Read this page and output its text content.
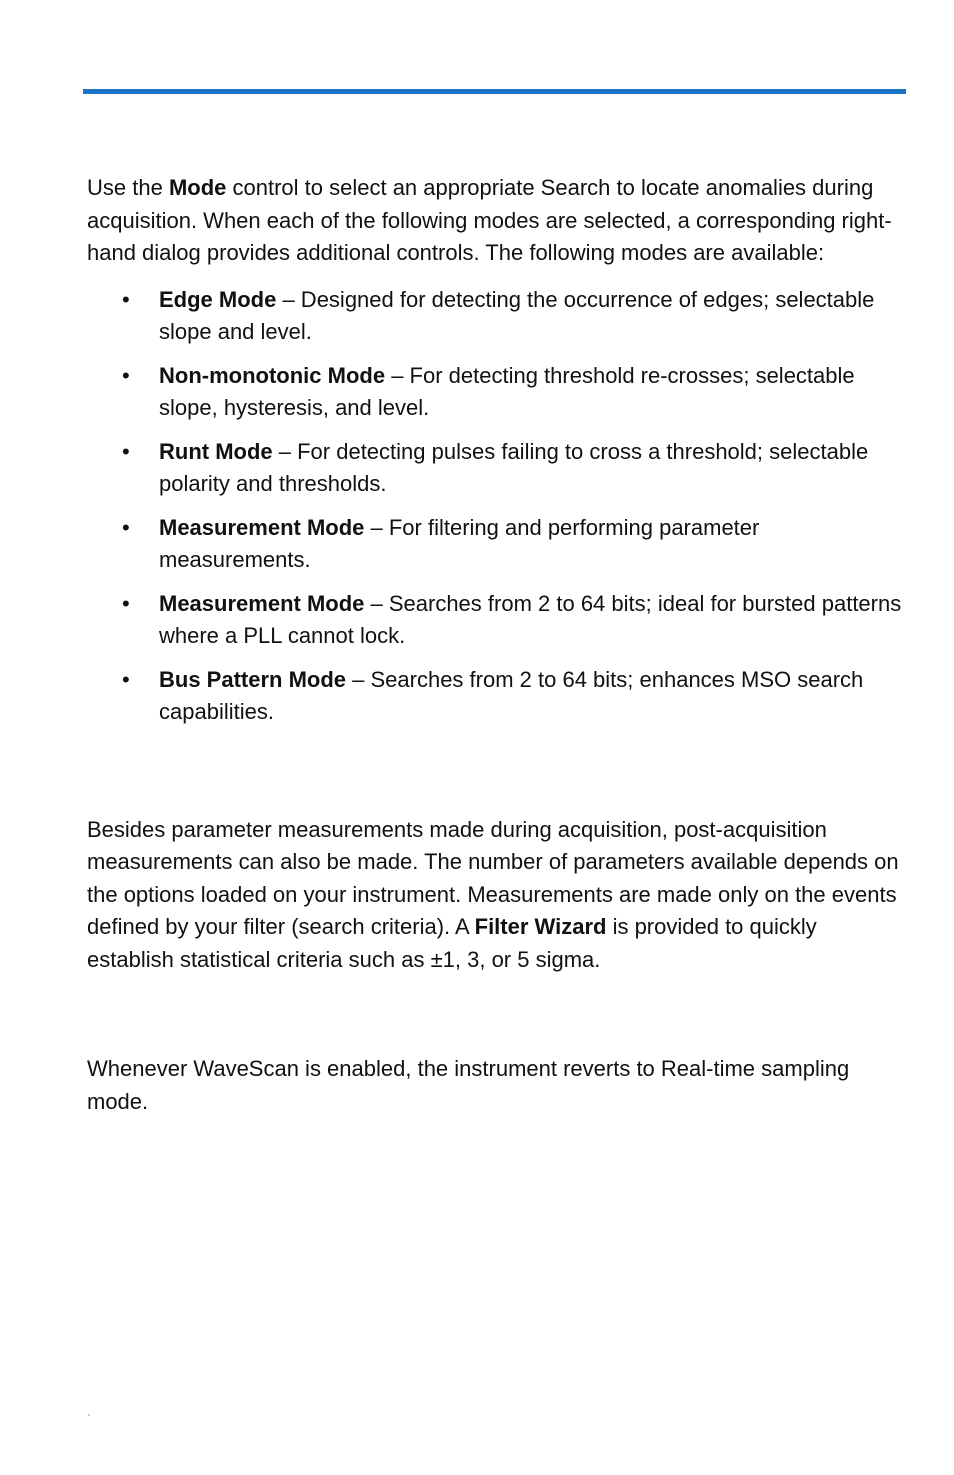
Use the Mode control to select an appropriate Search to locate anomalies during acquisition. When each of the following modes are selected, a corresponding right-hand dialog provides additional controls. The following modes are available:

• Edge Mode – Designed for detecting the occurrence of edges; selectable slope and level.
• Non-monotonic Mode – For detecting threshold re-crosses; selectable slope, hysteresis, and level.
• Runt Mode – For detecting pulses failing to cross a threshold; selectable polarity and thresholds.
• Measurement Mode – For filtering and performing parameter measurements.
• Measurement Mode – Searches from 2 to 64 bits; ideal for bursted patterns where a PLL cannot lock.
• Bus Pattern Mode – Searches from 2 to 64 bits; enhances MSO search capabilities.

Besides parameter measurements made during acquisition, post-acquisition measurements can also be made. The number of parameters available depends on the options loaded on your instrument. Measurements are made only on the events defined by your filter (search criteria). A Filter Wizard is provided to quickly establish statistical criteria such as ±1, 3, or 5 sigma.

Whenever WaveScan is enabled, the instrument reverts to Real-time sampling mode.
